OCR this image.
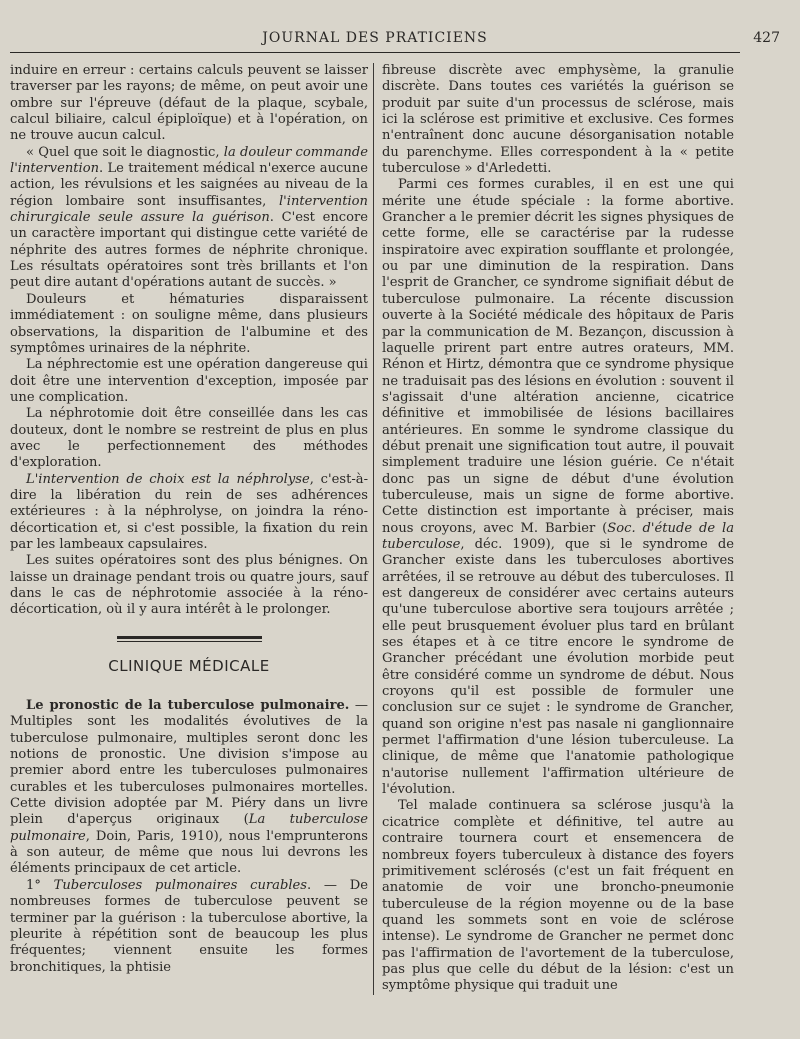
JOURNAL DES PRATICIENS	427

induire en erreur : certains calculs peuvent se laisser traverser par les rayons; de même, on peut avoir une ombre sur l'épreuve (défaut de la plaque, scybale, calcul biliaire, calcul épiploïque) et à l'opération, on ne trouve aucun calcul.

« Quel que soit le diagnostic, la douleur commande l'intervention. Le traitement médical n'exerce aucune action, les révulsions et les saignées au niveau de la région lombaire sont insuffisantes, l'intervention chirurgicale seule assure la guérison. C'est encore un caractère important qui distingue cette variété de néphrite des autres formes de néphrite chronique. Les résultats opératoires sont très brillants et l'on peut dire autant d'opérations autant de succès. »

Douleurs et hématuries disparaissent immédiatement : on souligne même, dans plusieurs observations, la disparition de l'albumine et des symptômes urinaires de la néphrite.

La néphrectomie est une opération dangereuse qui doit être une intervention d'exception, imposée par une complication.

La néphrotomie doit être conseillée dans les cas douteux, dont le nombre se restreint de plus en plus avec le perfectionnement des méthodes d'exploration.

L'intervention de choix est la néphrolyse, c'est-à-dire la libération du rein de ses adhérences extérieures : à la néphrolyse, on joindra la réno-décortication et, si c'est possible, la fixation du rein par les lambeaux capsulaires.

Les suites opératoires sont des plus bénignes. On laisse un drainage pendant trois ou quatre jours, sauf dans le cas de néphrotomie associée à la réno-décortication, où il y aura intérêt à le prolonger.

CLINIQUE MÉDICALE

Le pronostic de la tuberculose pulmonaire. — Multiples sont les modalités évolutives de la tuberculose pulmonaire, multiples seront donc les notions de pronostic. Une division s'impose au premier abord entre les tuberculoses pulmonaires curables et les tuberculoses pulmonaires mortelles. Cette division adoptée par M. Piéry dans un livre plein d'aperçus originaux (La tuberculose pulmonaire, Doin, Paris, 1910), nous l'emprunterons à son auteur, de même que nous lui devrons les éléments principaux de cet article.

1° Tuberculoses pulmonaires curables. — De nombreuses formes de tuberculose peuvent se terminer par la guérison : la tuberculose abortive, la pleurite à répétition sont de beaucoup les plus fréquentes; viennent ensuite les formes bronchitiques, la phtisie

fibreuse discrète avec emphysème, la granulie discrète. Dans toutes ces variétés la guérison se produit par suite d'un processus de sclérose, mais ici la sclérose est primitive et exclusive. Ces formes n'entraînent donc aucune désorganisation notable du parenchyme. Elles correspondent à la « petite tuberculose » d'Arledetti.

Parmi ces formes curables, il en est une qui mérite une étude spéciale : la forme abortive. Grancher a le premier décrit les signes physiques de cette forme, elle se caractérise par la rudesse inspiratoire avec expiration soufflante et prolongée, ou par une diminution de la respiration. Dans l'esprit de Grancher, ce syndrome signifiait début de tuberculose pulmonaire. La récente discussion ouverte à la Société médicale des hôpitaux de Paris par la communication de M. Bezançon, discussion à laquelle prirent part entre autres orateurs, MM. Rénon et Hirtz, démontra que ce syndrome physique ne traduisait pas des lésions en évolution : souvent il s'agissait d'une altération ancienne, cicatrice définitive et immobilisée de lésions bacillaires antérieures. En somme le syndrome classique du début prenait une signification tout autre, il pouvait simplement traduire une lésion guérie. Ce n'était donc pas un signe de début d'une évolution tuberculeuse, mais un signe de forme abortive. Cette distinction est importante à préciser, mais nous croyons, avec M. Barbier (Soc. d'étude de la tuberculose, déc. 1909), que si le syndrome de Grancher existe dans les tuberculoses abortives arrêtées, il se retrouve au début des tuberculoses. Il est dangereux de considérer avec certains auteurs qu'une tuberculose abortive sera toujours arrêtée ; elle peut brusquement évoluer plus tard en brûlant ses étapes et à ce titre encore le syndrome de Grancher précédant une évolution morbide peut être considéré comme un syndrome de début. Nous croyons qu'il est possible de formuler une conclusion sur ce sujet : le syndrome de Grancher, quand son origine n'est pas nasale ni ganglionnaire permet l'affirmation d'une lésion tuberculeuse. La clinique, de même que l'anatomie pathologique n'autorise nullement l'affirmation ultérieure de l'évolution.

Tel malade continuera sa sclérose jusqu'à la cicatrice complète et définitive, tel autre au contraire tournera court et ensemencera de nombreux foyers tuberculeux à distance des foyers primitivement sclérosés (c'est un fait fréquent en anatomie de voir une broncho-pneumonie tuberculeuse de la région moyenne ou de la base quand les sommets sont en voie de sclérose intense). Le syndrome de Grancher ne permet donc pas l'affirmation de l'avortement de la tuberculose, pas plus que celle du début de la lésion: c'est un symptôme physique qui traduit une
